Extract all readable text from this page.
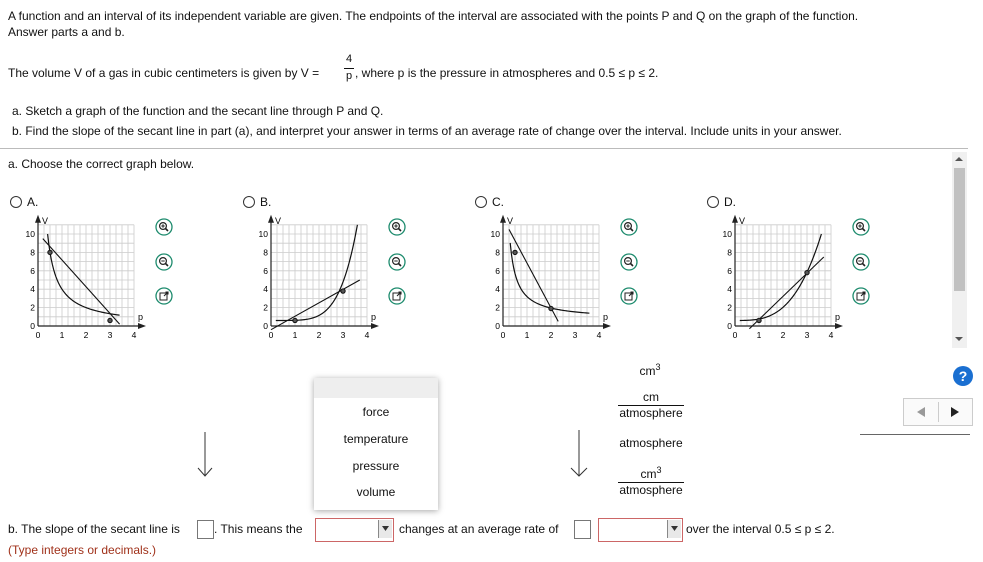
A function and an interval of its independent variable are given. The endpoints of the interval are associated with the points P and Q on the graph of the function.
Answer parts a and b.
The volume V of a gas in cubic centimeters is given by V =
4
p , where p is the pressure in atmospheres and 0.5 ≤ p ≤ 2.
a. Sketch a graph of the function and the secant line through P and Q.
b. Find the slope of the secant line in part (a), and interpret your answer in terms of an average rate of change over the interval. Include units in your answer.
a. Choose the correct graph below.
A.
V
p
10
8
6
4
2
0
0 1 2 3 4
B.
V
p
10
8
6
4
2
0
0 1 2 3 4
C.
V
p
10
8
6
4
2
0
0 1 2 3 4
D.
V
p
10
8
6
4
2
0
0 1 2 3 4
force
temperature
pressure
volume
$cm^3$
cm
atmosphere
atmosphere
$cm^3$
atmosphere
?
b. The slope of the secant line is	. This means the	changes at an average rate of	over the interval 0.5 ≤ p ≤ 2.
(Type integers or decimals.)
